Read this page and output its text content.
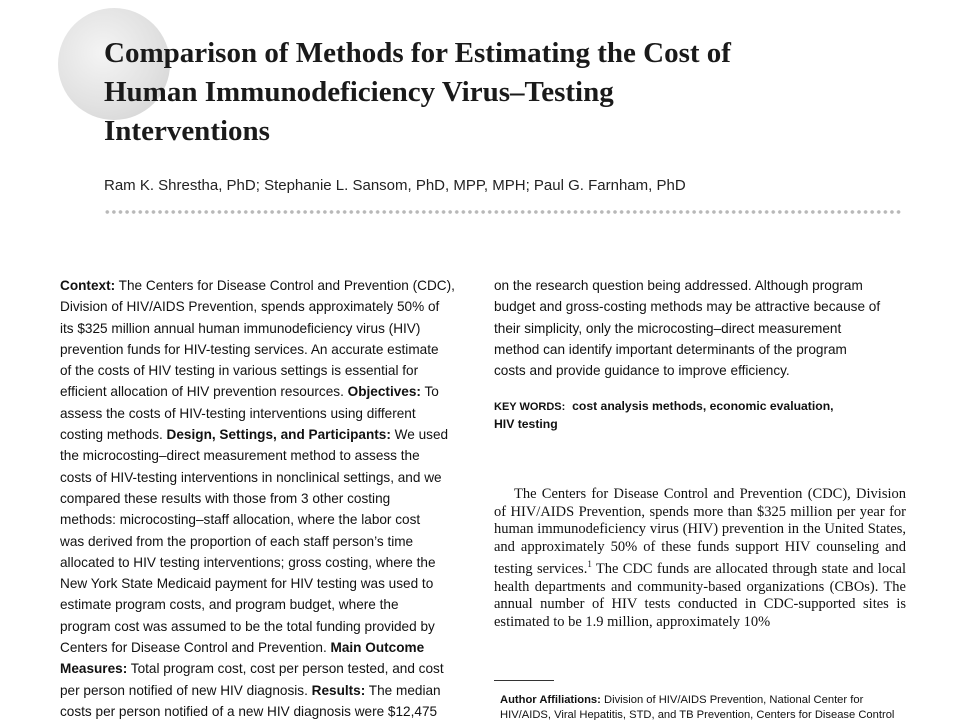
Comparison of Methods for Estimating the Cost of
Human Immunodeficiency Virus–Testing
Interventions

Ram K. Shrestha, PhD; Stephanie L. Sansom, PhD, MPP, MPH; Paul G. Farnham, PhD

Context: The Centers for Disease Control and Prevention (CDC),

Division of HIV/AIDS Prevention, spends approximately 50% of

its $325 million annual human immunodeficiency virus (HIV)

prevention funds for HIV-testing services. An accurate estimate

of the costs of HIV testing in various settings is essential for

efficient allocation of HIV prevention resources. Objectives: To

assess the costs of HIV-testing interventions using different

costing methods. Design, Settings, and Participants: We used

the microcosting–direct measurement method to assess the

costs of HIV-testing interventions in nonclinical settings, and we

compared these results with those from 3 other costing

methods: microcosting–staff allocation, where the labor cost

was derived from the proportion of each staff person’s time

allocated to HIV testing interventions; gross costing, where the

New York State Medicaid payment for HIV testing was used to

estimate program costs, and program budget, where the

program cost was assumed to be the total funding provided by

Centers for Disease Control and Prevention. Main Outcome

Measures: Total program cost, cost per person tested, and cost

per person notified of new HIV diagnosis. Results: The median

costs per person notified of a new HIV diagnosis were $12,475

on the research question being addressed. Although program

budget and gross-costing methods may be attractive because of

their simplicity, only the microcosting–direct measurement

method can identify important determinants of the program

costs and provide guidance to improve efficiency.

KEY WORDS: cost analysis methods, economic evaluation,
HIV testing

The Centers for Disease Control and Prevention (CDC), Division of HIV/AIDS Prevention, spends more than $325 million per year for human immunodeficiency virus (HIV) prevention in the United States, and approximately 50% of these funds support HIV counseling and testing services.$^1$ The CDC funds are allocated through state and local health departments and community-based organizations (CBOs). The annual number of HIV tests conducted in CDC-supported sites is estimated to be 1.9 million, approximately 10%

Author Affiliations: Division of HIV/AIDS Prevention, National Center for

HIV/AIDS, Viral Hepatitis, STD, and TB Prevention, Centers for Disease Control
